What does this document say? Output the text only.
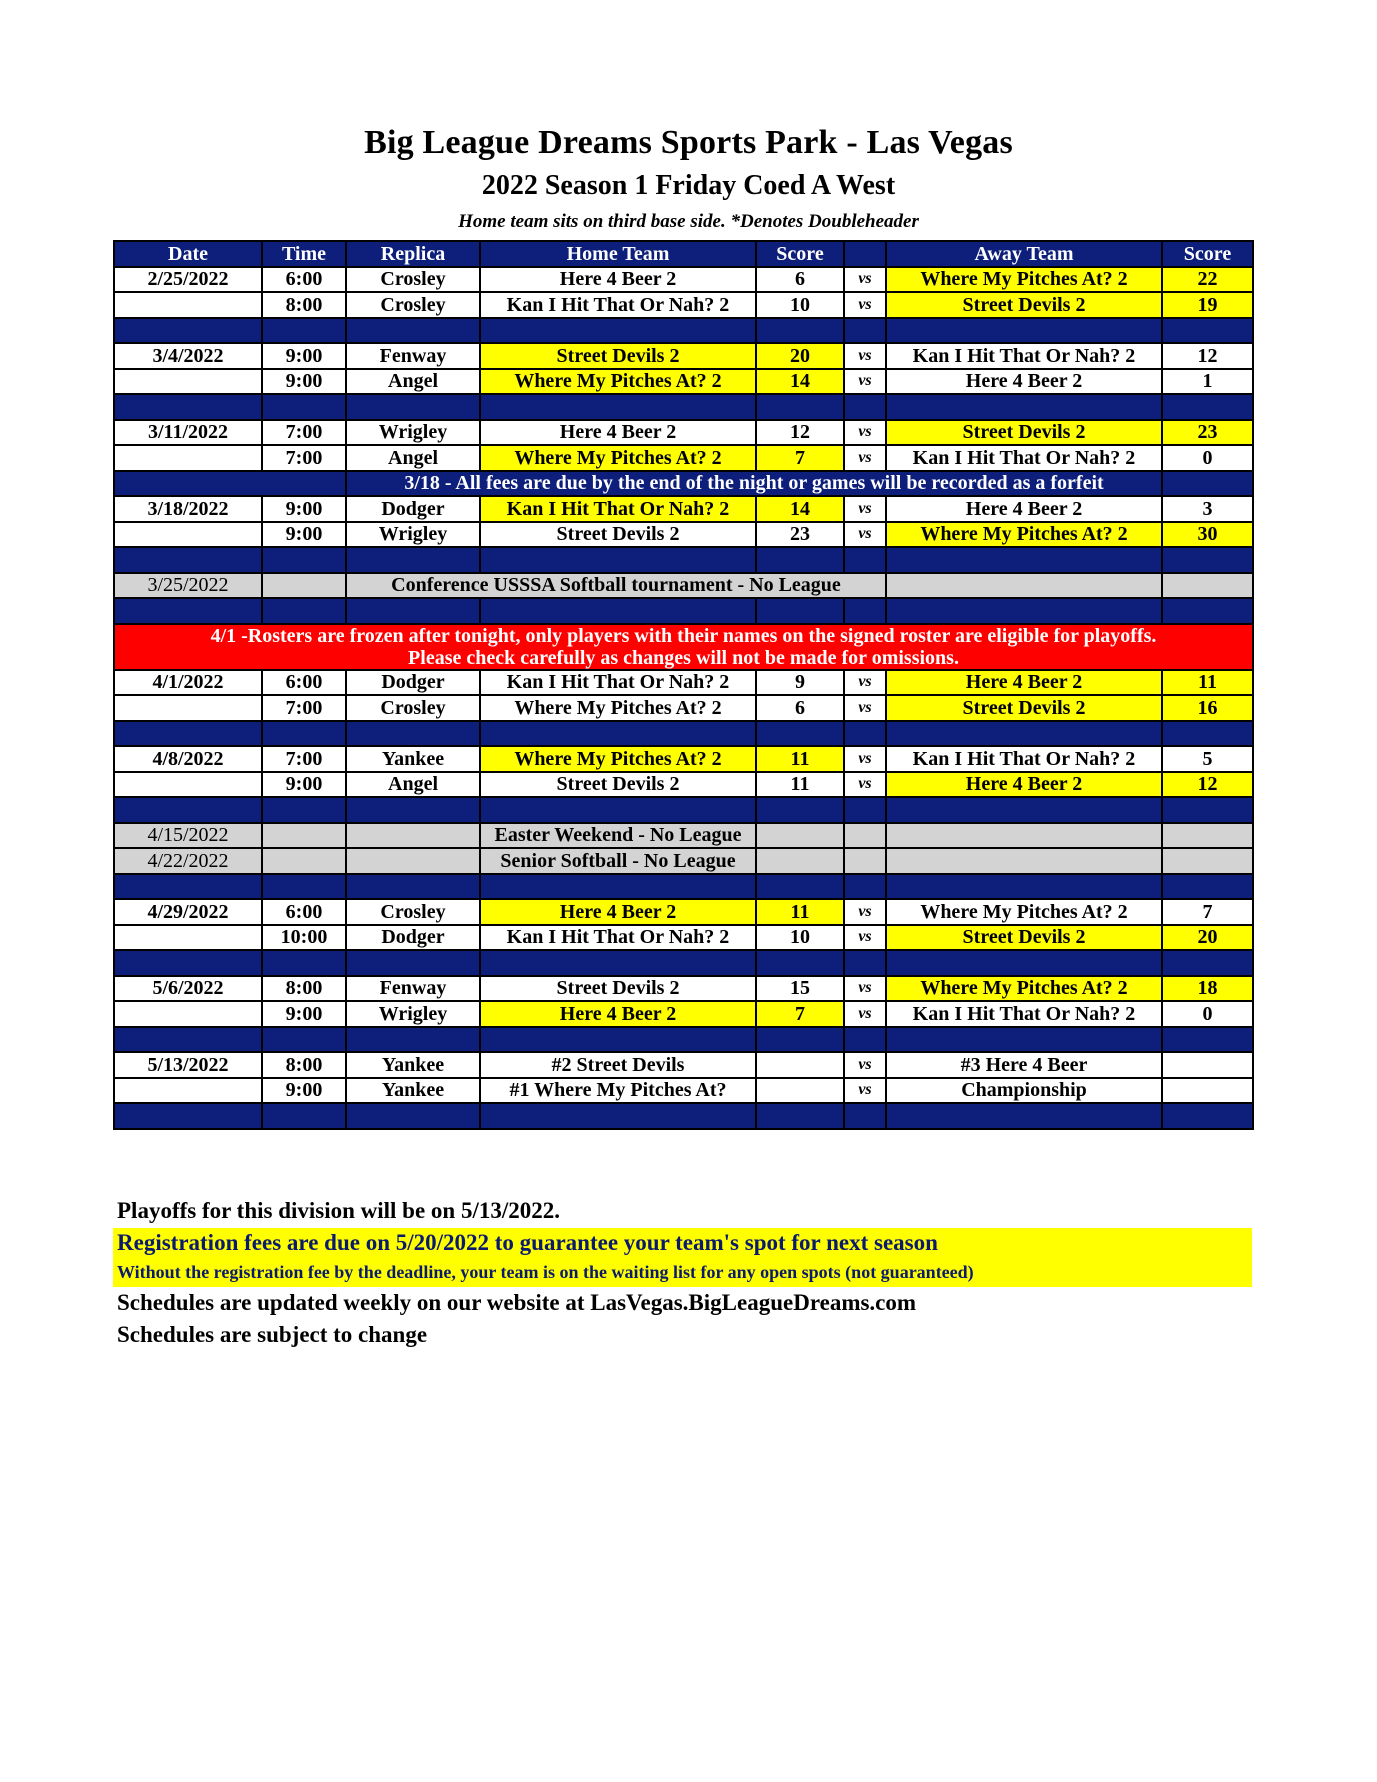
Big League Dreams Sports Park - Las Vegas
2022 Season 1 Friday Coed A West
Home team sits on third base side. *Denotes Doubleheader
Date	Time	Replica	Home Team	Score		Away Team	Score
2/25/2022	6:00	Crosley	Here 4 Beer 2	6	vs	Where My Pitches At? 2	22
	8:00	Crosley	Kan I Hit That Or Nah? 2	10	vs	Street Devils 2	19

3/4/2022	9:00	Fenway	Street Devils 2	20	vs	Kan I Hit That Or Nah? 2	12
	9:00	Angel	Where My Pitches At? 2	14	vs	Here 4 Beer 2	1

3/11/2022	7:00	Wrigley	Here 4 Beer 2	12	vs	Street Devils 2	23
	7:00	Angel	Where My Pitches At? 2	7	vs	Kan I Hit That Or Nah? 2	0
		3/18 - All fees are due by the end of the night or games will be recorded as a forfeit					
3/18/2022	9:00	Dodger	Kan I Hit That Or Nah? 2	14	vs	Here 4 Beer 2	3
	9:00	Wrigley	Street Devils 2	23	vs	Where My Pitches At? 2	30

3/25/2022		Conference USSSA Softball tournament - No League					

4/1 -Rosters are frozen after tonight, only players with their names on the signed roster are eligible for playoffs.
Please check carefully as changes will not be made for omissions.							

4/1/2022	6:00	Dodger	Kan I Hit That Or Nah? 2	9	vs	Here 4 Beer 2	11
	7:00	Crosley	Where My Pitches At? 2	6	vs	Street Devils 2	16

4/8/2022	7:00	Yankee	Where My Pitches At? 2	11	vs	Kan I Hit That Or Nah? 2	5
	9:00	Angel	Street Devils 2	11	vs	Here 4 Beer 2	12

4/15/2022			Easter Weekend - No League				
4/22/2022			Senior Softball - No League				

4/29/2022	6:00	Crosley	Here 4 Beer 2	11	vs	Where My Pitches At? 2	7
	10:00	Dodger	Kan I Hit That Or Nah? 2	10	vs	Street Devils 2	20

5/6/2022	8:00	Fenway	Street Devils 2	15	vs	Where My Pitches At? 2	18
	9:00	Wrigley	Here 4 Beer 2	7	vs	Kan I Hit That Or Nah? 2	0

5/13/2022	8:00	Yankee	#2 Street Devils		vs	#3 Here 4 Beer	
	9:00	Yankee	#1 Where My Pitches At?		vs	Championship	

Playoffs for this division will be on 5/13/2022.
Registration fees are due on 5/20/2022 to guarantee your team's spot for next season
Without the registration fee by the deadline, your team is on the waiting list for any open spots (not guaranteed)
Schedules are updated weekly on our website at LasVegas.BigLeagueDreams.com
Schedules are subject to change
